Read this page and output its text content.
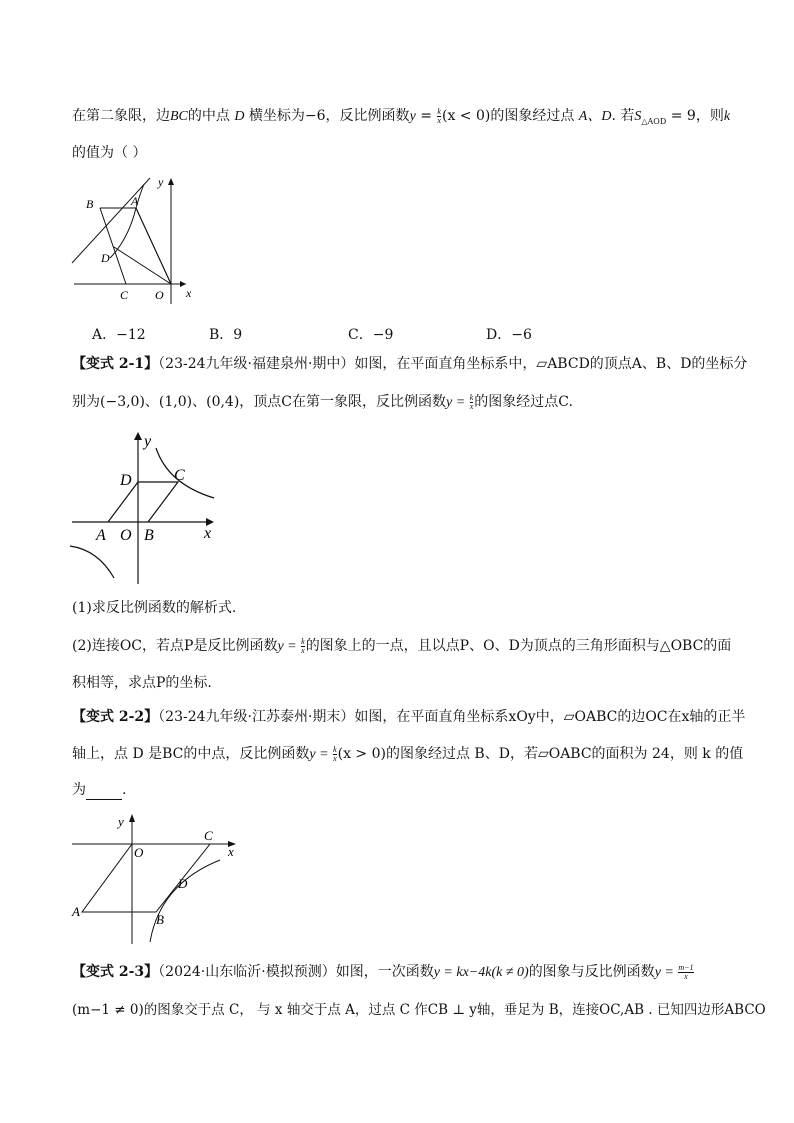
在第二象限，边BC的中点 D 横坐标为−6，反比例函数$y = \frac{k}{x} (x < 0)$的图象经过点 A、D. 若$S_{\triangle AOD} = 9$，则k
的值为（ ）
B	A
D
C O x
y
A．−12	B．9	C．−9	D．−6
【变式 2-1】（23-24九年级·福建泉州·期中）如图，在平面直角坐标系中，▱ABCD的顶点A、B、D的坐标分
别为(−3,0)、(1,0)、(0,4)，顶点C在第一象限，反比例函数$y = \frac{k}{x}$ 的图象经过点C.
D	C
A O B	x
y
(1)求反比例函数的解析式.
(2)连接OC，若点P是反比例函数$y = \frac{k}{x}$ 的图象上的一点，且以点P、O、D为顶点的三角形面积与△OBC的面
积相等，求点P的坐标.
【变式 2-2】（23-24九年级·江苏泰州·期末）如图，在平面直角坐标系xOy中，▱OABC的边OC在x轴的正半
轴上，点 D 是BC的中点，反比例函数$y = \frac{k}{x} (x > 0)$的图象经过点 B、D，若▱OABC的面积为 24，则 k 的值
为	.
y
C
O	x
D
A
B
【变式 2-3】（2024·山东临沂·模拟预测）如图，一次函数y = kx−4k(k ≠ 0)的图象与反比例函数$y = \frac{m-1}{x}$
(m−1 ≠ 0)的图象交于点 C， 与 x 轴交于点 A，过点 C 作CB ⊥ y轴，垂足为 B，连接OC,AB . 已知四边形ABCO
